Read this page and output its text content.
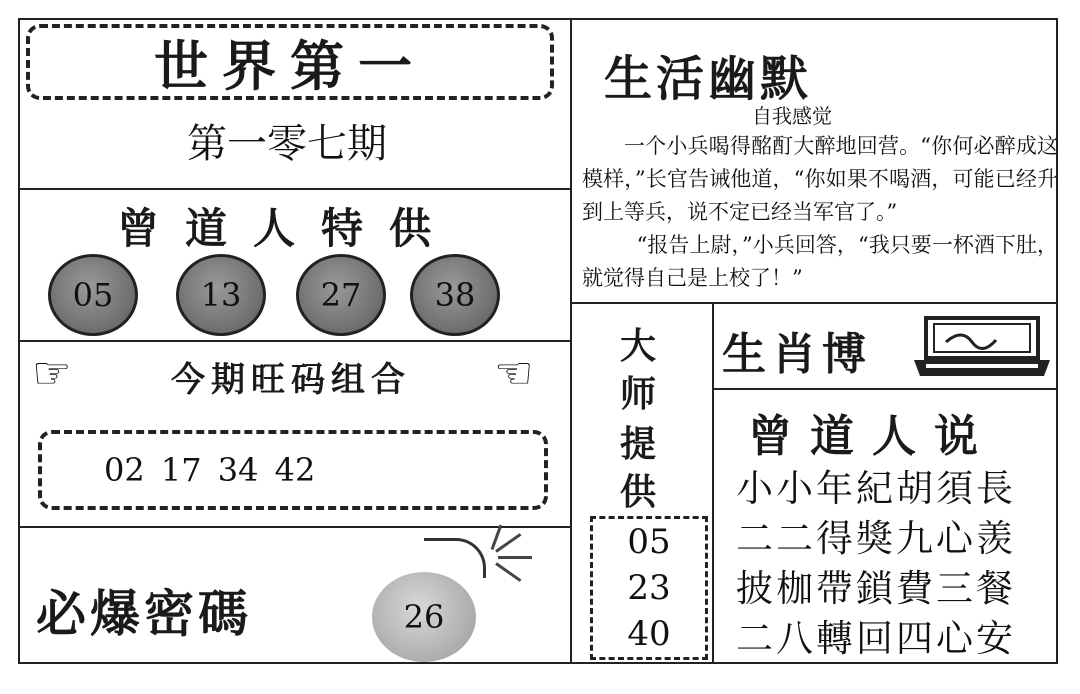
世界第一
第一零七期
曾道人特供
05	13 27 38
☜	今期旺码组合	☞
02 17 34 42
必爆密碼	26
生活幽默
自我感觉

一个小兵喝得酩酊大醉地回营。“你何必醉成这模样，”长官告诫他道，“你如果不喝酒，可能已经升到上等兵，说不定已经当军官了。”

“报告上尉，”小兵回答，“我只要一杯酒下肚，就觉得自己是上校了！”

大
师
提
供
05
23
40
生肖博
曾道人说
小小年紀胡須長
二二得獎九心羡
披枷帶鎖費三餐
二八轉回四心安
